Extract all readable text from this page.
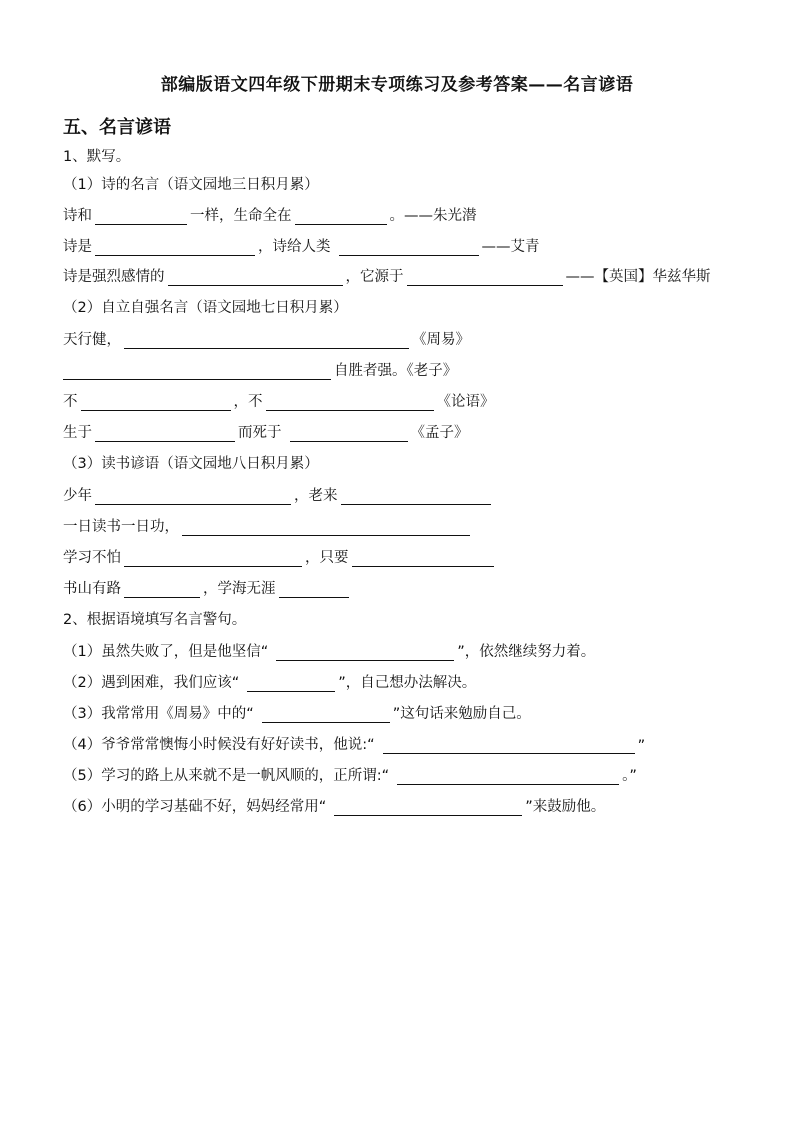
部编版语文四年级下册期末专项练习及参考答案——名言谚语
五、名言谚语
1、默写。
（1）诗的名言（语文园地三日积月累）
诗和	一样，生命全在	。——朱光潜
诗是	，诗给人类	——艾青
诗是强烈感情的	，它源于	——【英国】华兹华斯
（2）自立自强名言（语文园地七日积月累）
天行健，	《周易》
自胜者强。《老子》
不	，不	《论语》
生于	而死于	《孟子》
（3）读书谚语（语文园地八日积月累）
少年	，老来
一日读书一日功，
学习不怕	，只要
书山有路	，学海无涯
2、根据语境填写名言警句。
（1）虽然失败了，但是他坚信“	”，依然继续努力着。
（2）遇到困难，我们应该“	”，自己想办法解决。
（3）我常常用《周易》中的“	”这句话来勉励自己。
（4）爷爷常常懊悔小时候没有好好读书，他说:“	”
（5）学习的路上从来就不是一帆风顺的，正所谓:“	。”
（6）小明的学习基础不好，妈妈经常用“	”来鼓励他。
